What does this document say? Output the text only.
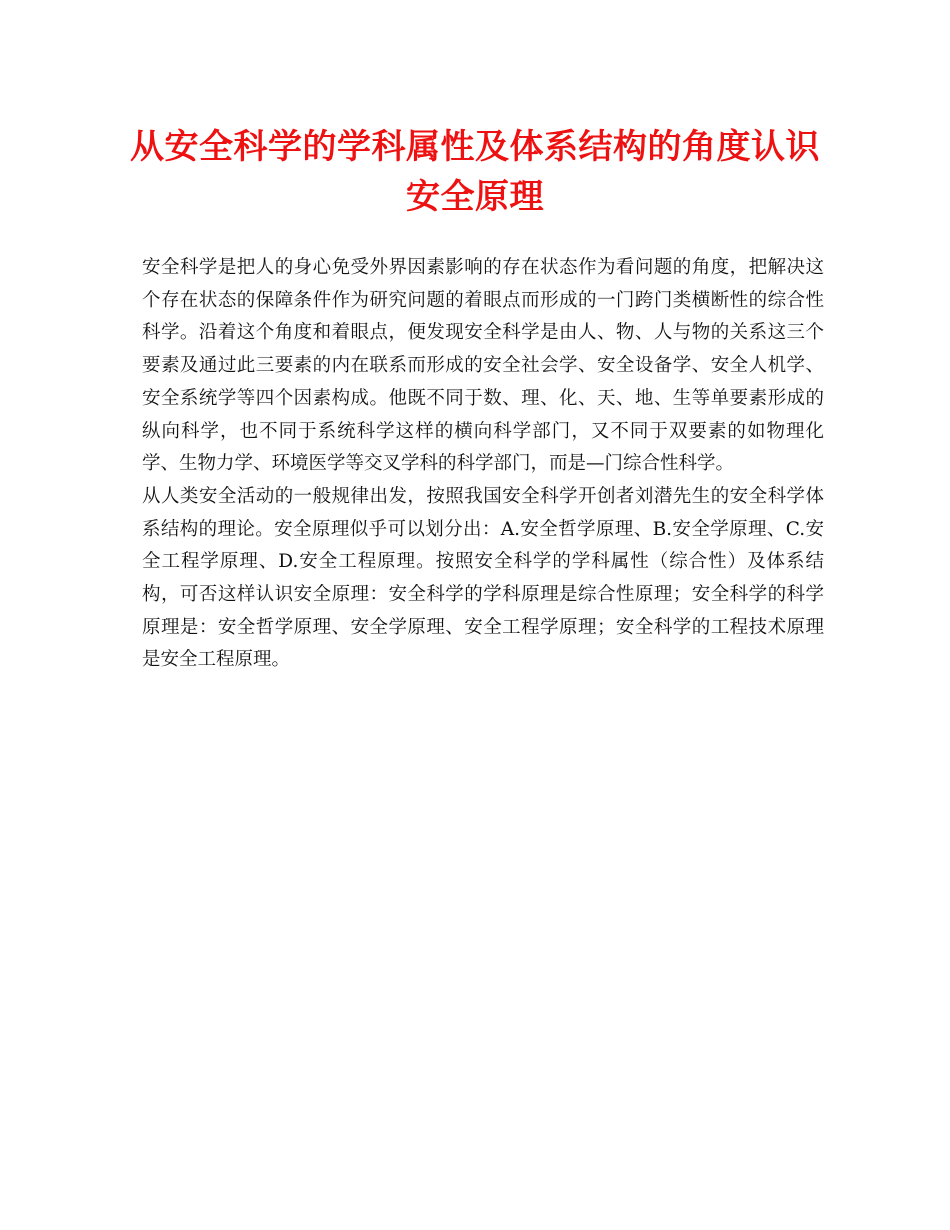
从安全科学的学科属性及体系结构的角度认识安全原理

安全科学是把人的身心免受外界因素影响的存在状态作为看问题的角度，把解决这个存在状态的保障条件作为研究问题的着眼点而形成的一门跨门类横断性的综合性科学。沿着这个角度和着眼点，便发现安全科学是由人、物、人与物的关系这三个要素及通过此三要素的内在联系而形成的安全社会学、安全设备学、安全人机学、安全系统学等四个因素构成。他既不同于数、理、化、天、地、生等单要素形成的纵向科学，也不同于系统科学这样的横向科学部门，又不同于双要素的如物理化学、生物力学、环境医学等交叉学科的科学部门，而是—门综合性科学。

从人类安全活动的一般规律出发，按照我国安全科学开创者刘潜先生的安全科学体系结构的理论。安全原理似乎可以划分出：A.安全哲学原理、B.安全学原理、C.安全工程学原理、D.安全工程原理。按照安全科学的学科属性（综合性）及体系结构，可否这样认识安全原理：安全科学的学科原理是综合性原理；安全科学的科学原理是：安全哲学原理、安全学原理、安全工程学原理；安全科学的工程技术原理是安全工程原理。
